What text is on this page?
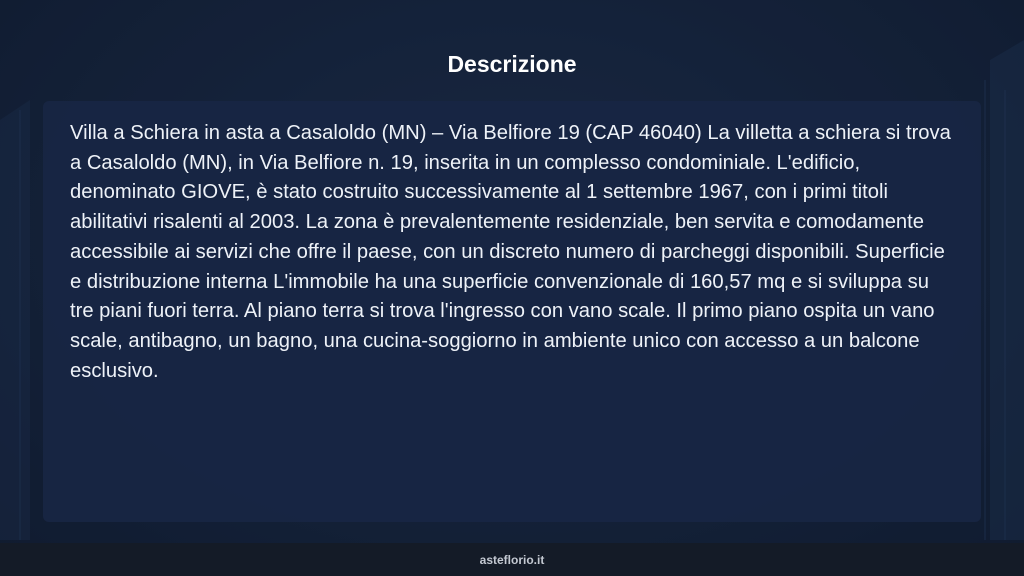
Descrizione

Villa a Schiera in asta a Casaloldo (MN) – Via Belfiore 19 (CAP 46040) La villetta a schiera si trova a Casaloldo (MN), in Via Belfiore n. 19, inserita in un complesso condominiale. L'edificio, denominato GIOVE, è stato costruito successivamente al 1 settembre 1967, con i primi titoli abilitativi risalenti al 2003. La zona è prevalentemente residenziale, ben servita e comodamente accessibile ai servizi che offre il paese, con un discreto numero di parcheggi disponibili. Superficie e distribuzione interna L'immobile ha una superficie convenzionale di 160,57 mq e si sviluppa su tre piani fuori terra. Al piano terra si trova l'ingresso con vano scale. Il primo piano ospita un vano scale, antibagno, un bagno, una cucina-soggiorno in ambiente unico con accesso a un balcone esclusivo.

asteflorio.it
